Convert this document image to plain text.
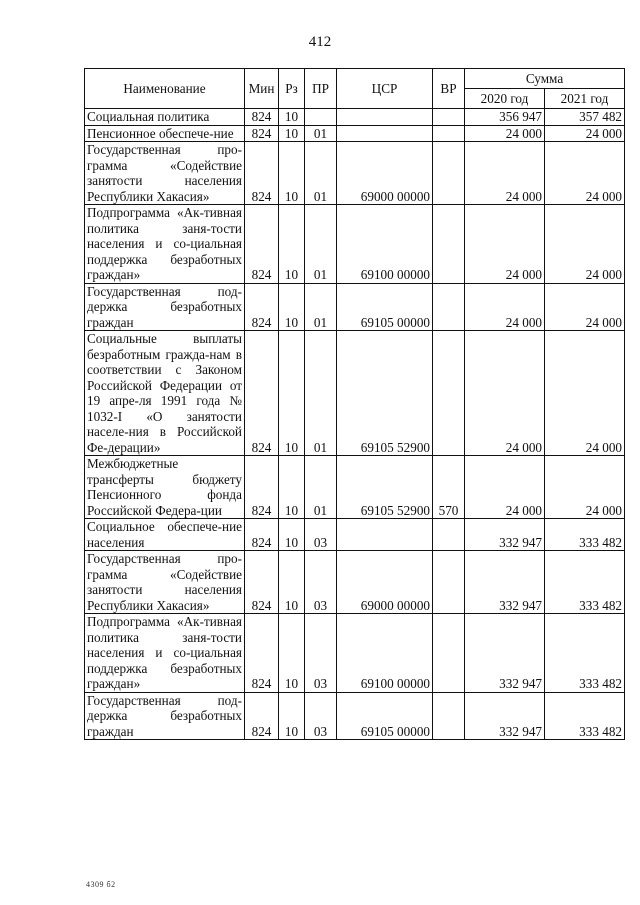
412
Наименование	Мин	Рз	ПР	ЦСР	ВР	Сумма	
						2020 год	2021 год
Социальная политика	824	10				356 947	357 482
Пенсионное обеспече-ние	824	10	01			24 000	24 000
Государственная про-грамма «Содействие занятости населения Республики Хакасия»	824	10	01	69000 00000		24 000	24 000
Подпрограмма «Ак-тивная политика заня-тости населения и со-циальная поддержка безработных граждан»	824	10	01	69100 00000		24 000	24 000
Государственная под-держка безработных граждан	824	10	01	69105 00000		24 000	24 000
Социальные выплаты безработным гражда-нам в соответствии с Законом Российской Федерации от 19 апре-ля 1991 года № 1032-I «О занятости населе-ния в Российской Фе-дерации»	824	10	01	69105 52900		24 000	24 000
Межбюджетные трансферты бюджету Пенсионного фонда Российской Федера-ции	824	10	01	69105 52900	570	24 000	24 000
Социальное обеспече-ние населения	824	10	03			332 947	333 482
Государственная про-грамма «Содействие занятости населения Республики Хакасия»	824	10	03	69000 00000		332 947	333 482
Подпрограмма «Ак-тивная политика заня-тости населения и со-циальная поддержка безработных граждан»	824	10	03	69100 00000		332 947	333 482
Государственная под-держка безработных граждан	824	10	03	69105 00000		332 947	333 482
4309 б2
